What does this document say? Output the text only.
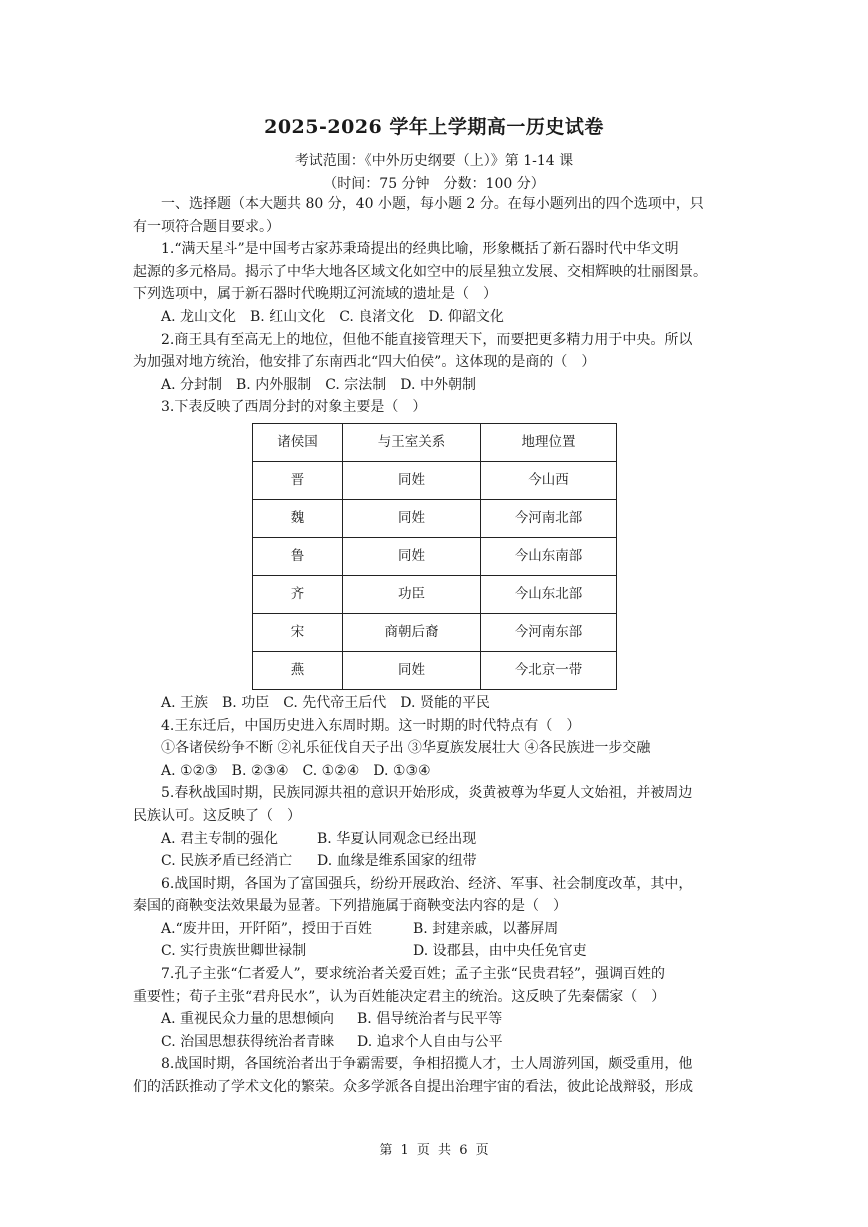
2025-2026 学年上学期高一历史试卷
考试范围：《中外历史纲要（上）》第 1-14 课
（时间：75 分钟　分数：100 分）

一、选择题（本大题共 80 分，40 小题，每小题 2 分。在每小题列出的四个选项中，只

有一项符合题目要求。）

1.“满天星斗”是中国考古家苏秉琦提出的经典比喻，形象概括了新石器时代中华文明

起源的多元格局。揭示了中华大地各区域文化如空中的辰星独立发展、交相辉映的壮丽图景。

下列选项中，属于新石器时代晚期辽河流域的遗址是（　）

A. 龙山文化　B. 红山文化　C. 良渚文化　D. 仰韶文化

2.商王具有至高无上的地位，但他不能直接管理天下，而要把更多精力用于中央。所以

为加强对地方统治，他安排了东南西北“四大伯侯”。这体现的是商的（　）

A. 分封制　B. 内外服制　C. 宗法制　D. 中外朝制

3.下表反映了西周分封的对象主要是（　）

诸侯国	与王室关系	地理位置
晋	同姓	今山西
魏	同姓	今河南北部
鲁	同姓	今山东南部
齐	功臣	今山东北部
宋	商朝后裔	今河南东部
燕	同姓	今北京一带

A. 王族　B. 功臣　C. 先代帝王后代　D. 贤能的平民

4.王东迁后，中国历史进入东周时期。这一时期的时代特点有（　）

①各诸侯纷争不断 ②礼乐征伐自天子出 ③华夏族发展壮大 ④各民族进一步交融

A. ①②③　B. ②③④　C. ①②④　D. ①③④

5.春秋战国时期，民族同源共祖的意识开始形成，炎黄被尊为华夏人文始祖，并被周边

民族认可。这反映了（　）

A. 君主专制的强化	B. 华夏认同观念已经出现

C. 民族矛盾已经消亡	D. 血缘是维系国家的纽带

6.战国时期，各国为了富国强兵，纷纷开展政治、经济、军事、社会制度改革，其中，

秦国的商鞅变法效果最为显著。下列措施属于商鞅变法内容的是（　）

A.“废井田，开阡陌”，授田于百姓	B. 封建亲戚，以蕃屏周

C. 实行贵族世卿世禄制	D. 设郡县，由中央任免官吏

7.孔子主张“仁者爱人”，要求统治者关爱百姓；孟子主张“民贵君轻”，强调百姓的

重要性；荀子主张“君舟民水”，认为百姓能决定君主的统治。这反映了先秦儒家（　）

A. 重视民众力量的思想倾向	B. 倡导统治者与民平等

C. 治国思想获得统治者青睐	D. 追求个人自由与公平

8.战国时期，各国统治者出于争霸需要，争相招揽人才，士人周游列国，颇受重用，他

们的活跃推动了学术文化的繁荣。众多学派各自提出治理宇宙的看法，彼此论战辩驳，形成

第 1 页 共 6 页
